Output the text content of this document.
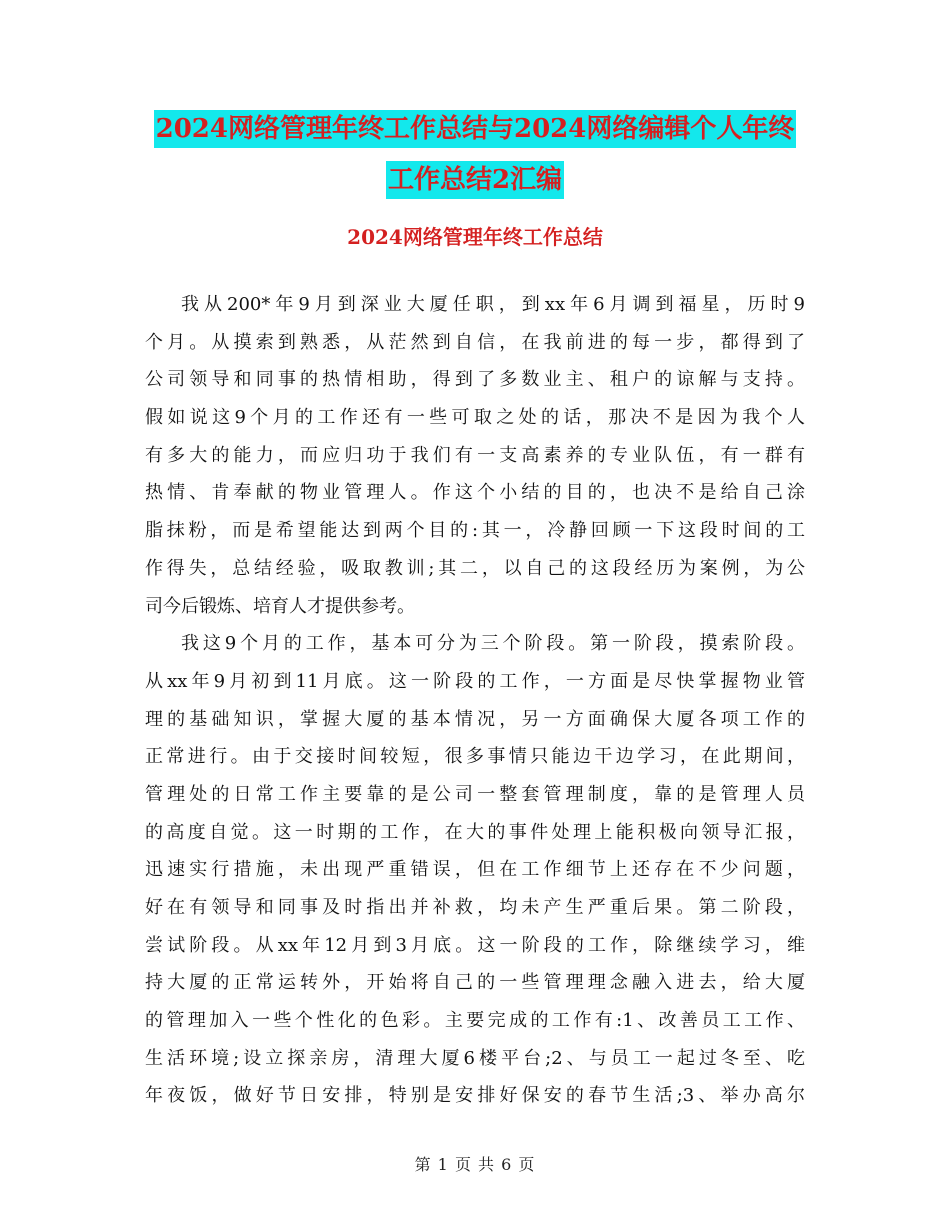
2024网络管理年终工作总结与2024网络编辑个人年终
工作总结2汇编
2024网络管理年终工作总结
我从200*年9月到深业大厦任职，到xx年6月调到福星，历时9
个月。从摸索到熟悉，从茫然到自信，在我前进的每一步，都得到了
公司领导和同事的热情相助，得到了多数业主、租户的谅解与支持。
假如说这9个月的工作还有一些可取之处的话，那决不是因为我个人
有多大的能力，而应归功于我们有一支高素养的专业队伍，有一群有
热情、肯奉献的物业管理人。作这个小结的目的，也决不是给自己涂
脂抹粉，而是希望能达到两个目的:其一，冷静回顾一下这段时间的工
作得失，总结经验，吸取教训;其二，以自己的这段经历为案例，为公
司今后锻炼、培育人才提供参考。
我这9个月的工作，基本可分为三个阶段。第一阶段，摸索阶段。
从xx年9月初到11月底。这一阶段的工作，一方面是尽快掌握物业管
理的基础知识，掌握大厦的基本情况，另一方面确保大厦各项工作的
正常进行。由于交接时间较短，很多事情只能边干边学习，在此期间，
管理处的日常工作主要靠的是公司一整套管理制度，靠的是管理人员
的高度自觉。这一时期的工作，在大的事件处理上能积极向领导汇报，
迅速实行措施，未出现严重错误，但在工作细节上还存在不少问题，
好在有领导和同事及时指出并补救，均未产生严重后果。第二阶段，
尝试阶段。从xx年12月到3月底。这一阶段的工作，除继续学习，维
持大厦的正常运转外，开始将自己的一些管理理念融入进去，给大厦
的管理加入一些个性化的色彩。主要完成的工作有:1、改善员工工作、
生活环境;设立探亲房，清理大厦6楼平台;2、与员工一起过冬至、吃
年夜饭，做好节日安排，特别是安排好保安的春节生活;3、举办高尔
第 1 页 共 6 页
